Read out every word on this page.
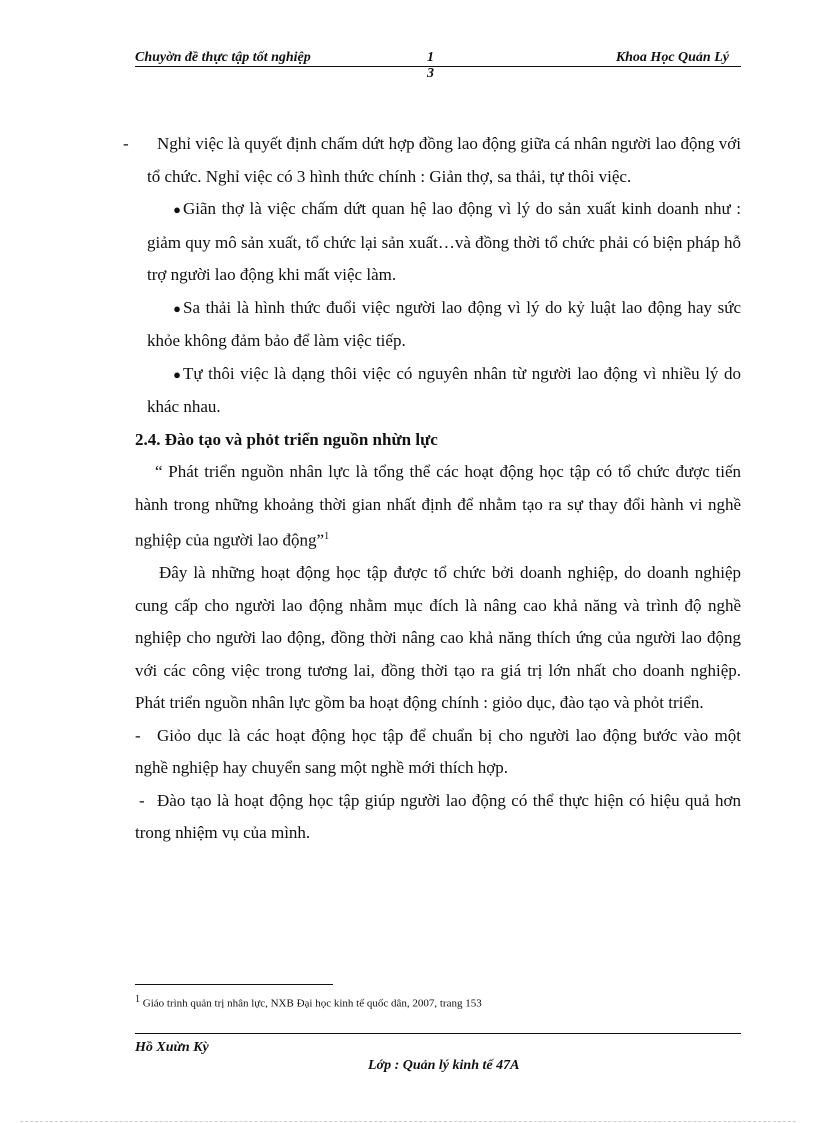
Chuyờn đề thực tập tốt nghiệp	1
3
Khoa Học Quản Lý

- Nghỉ việc là quyết định chấm dứt hợp đồng lao động giữa cá nhân người lao động với tổ chức. Nghỉ việc có 3 hình thức chính : Giản thợ, sa thải, tự thôi việc.

● Giãn thợ là việc chấm dứt quan hệ lao động vì lý do sản xuất kinh doanh như : giảm quy mô sản xuất, tổ chức lại sản xuất…và đồng thời tổ chức phải có biện pháp hỗ trợ người lao động khi mất việc làm.

● Sa thải là hình thức đuổi việc người lao động vì lý do kỷ luật lao động hay sức khỏe không đảm bảo để làm việc tiếp.

● Tự thôi việc là dạng thôi việc có nguyên nhân từ người lao động vì nhiều lý do khác nhau.

2.4. Đào tạo và phỏt triển nguồn nhừn lực

“ Phát triển nguồn nhân lực là tổng thể các hoạt động học tập có tổ chức được tiến hành trong những khoảng thời gian nhất định để nhằm tạo ra sự thay đổi hành vi nghề nghiệp của người lao động”$^1$

Đây là những hoạt động học tập được tổ chức bởi doanh nghiệp, do doanh nghiệp cung cấp cho người lao động nhằm mục đích là nâng cao khả năng và trình độ nghề nghiệp cho người lao động, đồng thời nâng cao khả năng thích ứng của người lao động với các công việc trong tương lai, đồng thời tạo ra giá trị lớn nhất cho doanh nghiệp. Phát triển nguồn nhân lực gồm ba hoạt động chính : giỏo dục, đào tạo và phỏt triển.

- Giỏo dục là các hoạt động học tập để chuẩn bị cho người lao động bước vào một nghề nghiệp hay chuyển sang một nghề mới thích hợp.

- Đào tạo là hoạt động học tập giúp người lao động có thể thực hiện có hiệu quả hơn trong nhiệm vụ của mình.

$^1$ Giáo trình quản trị nhân lực, NXB Đại học kinh tế quốc dân, 2007, trang 153
Hồ Xuừn Kỳ
Lớp : Quản lý kinh tế 47A
